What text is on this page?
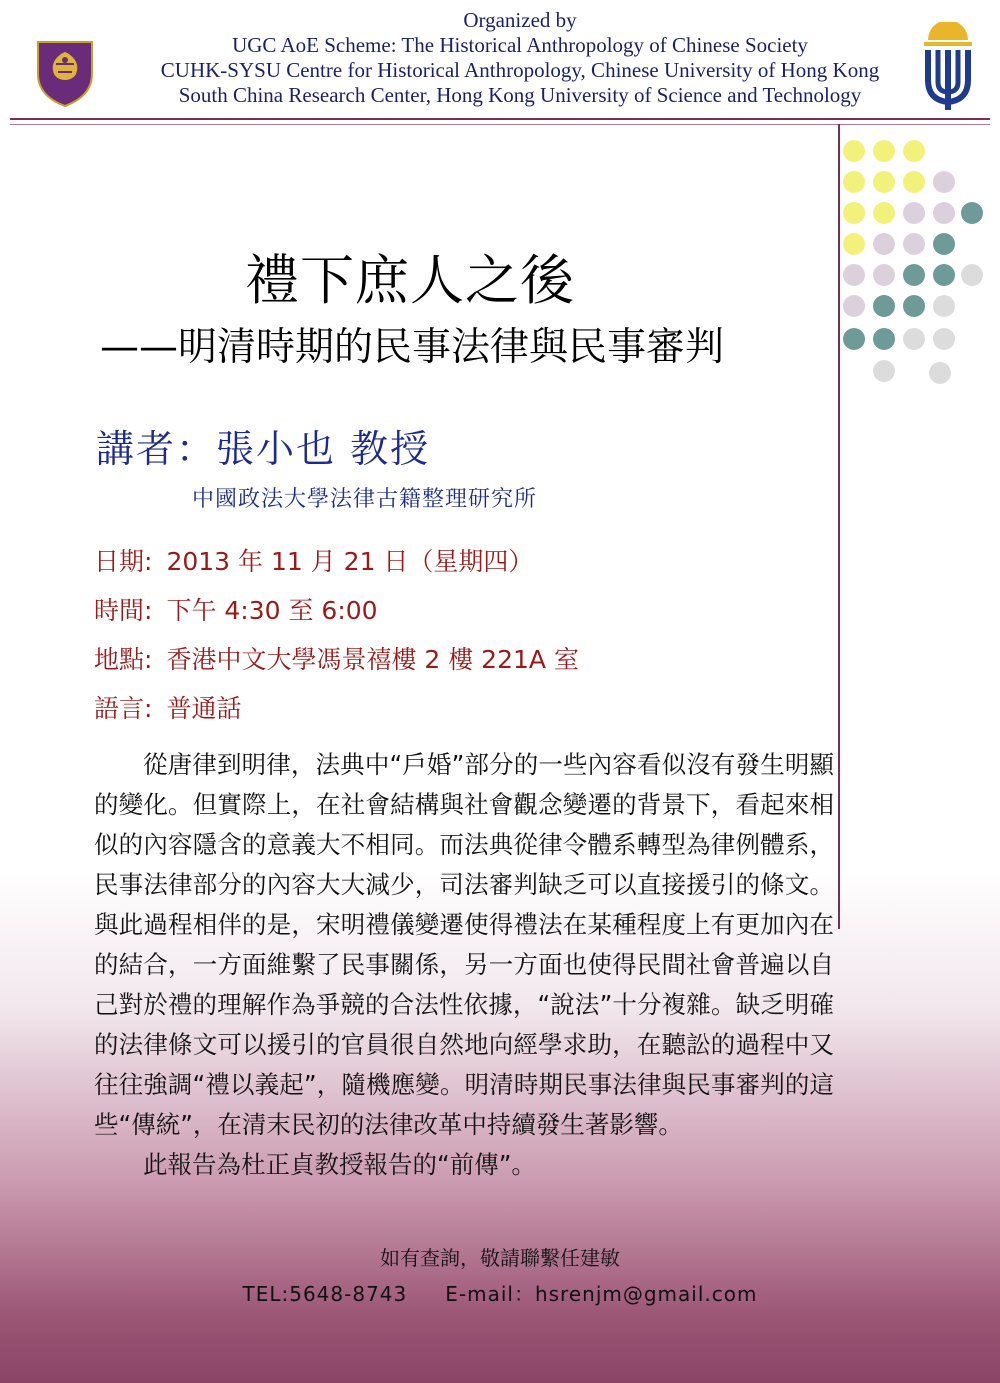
Organized by
UGC AoE Scheme: The Historical Anthropology of Chinese Society
CUHK-SYSU Centre for Historical Anthropology, Chinese University of Hong Kong
South China Research Center, Hong Kong University of Science and Technology
禮下庶人之後
——明清時期的民事法律與民事審判
講者：張小也 教授
中國政法大學法律古籍整理研究所
日期: 2013 年 11 月 21 日（星期四）
時間: 下午 4:30 至 6:00
地點: 香港中文大學馮景禧樓 2 樓 221A 室
語言: 普通話

從唐律到明律，法典中“戶婚”部分的一些內容看似沒有發生明顯的變化。但實際上，在社會結構與社會觀念變遷的背景下，看起來相似的內容隱含的意義大不相同。而法典從律令體系轉型為律例體系，民事法律部分的內容大大減少，司法審判缺乏可以直接援引的條文。與此過程相伴的是，宋明禮儀變遷使得禮法在某種程度上有更加內在的結合，一方面維繫了民事關係，另一方面也使得民間社會普遍以自己對於禮的理解作為爭競的合法性依據，“說法”十分複雜。缺乏明確的法律條文可以援引的官員很自然地向經學求助，在聽訟的過程中又往往強調“禮以義起”，隨機應變。明清時期民事法律與民事審判的這些“傳統”，在清末民初的法律改革中持續發生著影響。

此報告為杜正貞教授報告的“前傳”。

如有查詢，敬請聯繫任建敏
TEL:5648-8743 E-mail：hsrenjm@gmail.com
